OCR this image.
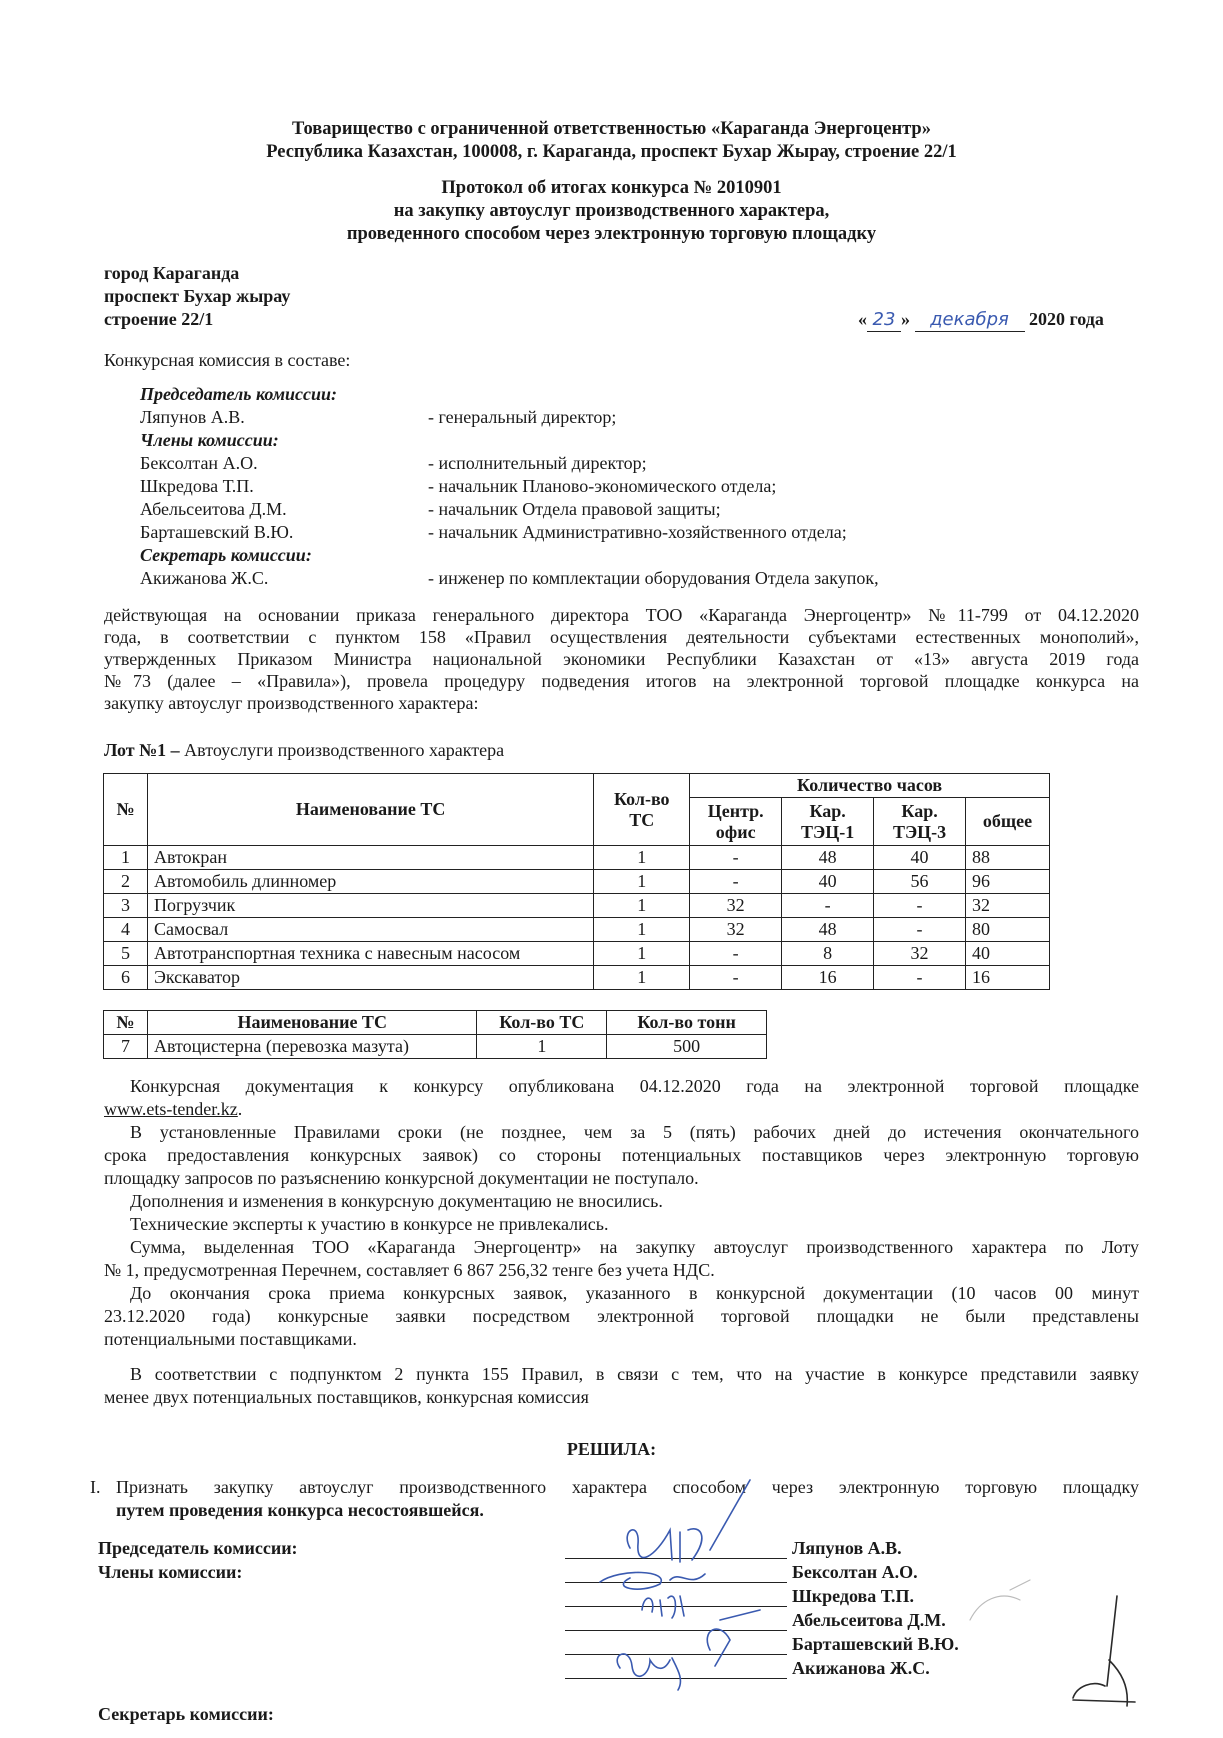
Товарищество с ограниченной ответственностью «Караганда Энергоцентр»
Республика Казахстан, 100008, г. Караганда, проспект Бухар Жырау, строение 22/1
Протокол об итогах конкурса № 2010901
на закупку автоуслуг производственного характера,
проведенного способом через электронную торговую площадку
город Караганда
проспект Бухар жырау
строение 22/1	« 23 » декабря 2020 года
Конкурсная комиссия в составе:
Председатель комиссии:
Ляпунов А.В.	- генеральный директор;
Члены комиссии:
Бексолтан А.О.	- исполнительный директор;
Шкредова Т.П.	- начальник Планово-экономического отдела;
Абельсеитова Д.М.	- начальник Отдела правовой защиты;
Барташевский В.Ю.	- начальник Административно-хозяйственного отдела;
Секретарь комиссии:
Акижанова Ж.С.	- инженер по комплектации оборудования Отдела закупок,
действующая на основании приказа генерального директора ТОО «Караганда Энергоцентр» №11-799 от 04.12.2020
года, в соответствии с пунктом 158 «Правил осуществления деятельности субъектами естественных монополий»,
утвержденных Приказом Министра национальной экономики Республики Казахстан от «13» августа 2019 года
№73 (далее – «Правила»), провела процедуру подведения итогов на электронной торговой площадке конкурса на
закупку автоуслуг производственного характера:
Лот №1 – Автоуслуги производственного характера
№	Наименование ТС	Кол-во ТС	Количество часов			
			Центр. офис	Кар. ТЭЦ-1	Кар. ТЭЦ-3	общее
1	Автокран	1	-	48	40	88
2	Автомобиль длинномер	1	-	40	56	96
3	Погрузчик	1	32	-	-	32
4	Самосвал	1	32	48	-	80
5	Автотранспортная техника с навесным насосом	1	-	8	32	40
6	Экскаватор	1	-	16	-	16
№	Наименование ТС	Кол-во ТС	Кол-во тонн
7	Автоцистерна (перевозка мазута)	1	500
Конкурсная документация к конкурсу опубликована 04.12.2020 года на электронной торговой площадке
www.ets-tender.kz.
В установленные Правилами сроки (не позднее, чем за 5 (пять) рабочих дней до истечения окончательного
срока предоставления конкурсных заявок) со стороны потенциальных поставщиков через электронную торговую
площадку запросов по разъяснению конкурсной документации не поступало.
Дополнения и изменения в конкурсную документацию не вносились.
Технические эксперты к участию в конкурсе не привлекались.
Сумма, выделенная ТОО «Караганда Энергоцентр» на закупку автоуслуг производственного характера по Лоту
№ 1, предусмотренная Перечнем, составляет 6 867 256,32 тенге без учета НДС.
До окончания срока приема конкурсных заявок, указанного в конкурсной документации (10 часов 00 минут
23.12.2020 года) конкурсные заявки посредством электронной торговой площадки не были представлены
потенциальными поставщиками.
В соответствии с подпунктом 2 пункта 155 Правил, в связи с тем, что на участие в конкурсе представили заявку
менее двух потенциальных поставщиков, конкурсная комиссия
РЕШИЛА:
I. Признать закупку автоуслуг производственного характера способом через электронную торговую площадку
путем проведения конкурса несостоявшейся.
Председатель комиссии:
Члены комиссии:
Секретарь комиссии:
Ляпунов А.В.
Бексолтан А.О.
Шкредова Т.П.
Абельсеитова Д.М.
Барташевский В.Ю.
Акижанова Ж.С.
